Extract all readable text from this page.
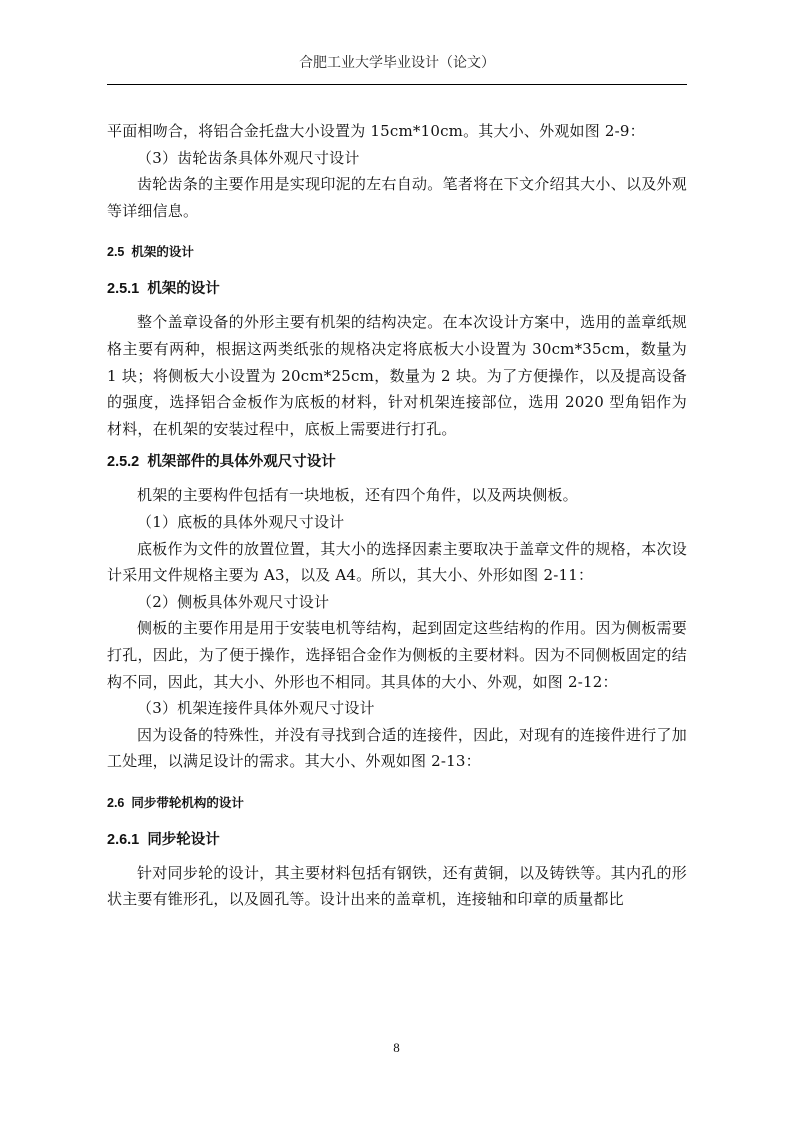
合肥工业大学毕业设计（论文）

平面相吻合，将铝合金托盘大小设置为 15cm*10cm。其大小、外观如图 2-9：

（3）齿轮齿条具体外观尺寸设计

齿轮齿条的主要作用是实现印泥的左右自动。笔者将在下文介绍其大小、以及外观等详细信息。

2.5 机架的设计
2.5.1 机架的设计

整个盖章设备的外形主要有机架的结构决定。在本次设计方案中，选用的盖章纸规格主要有两种，根据这两类纸张的规格决定将底板大小设置为 30cm*35cm，数量为 1 块；将侧板大小设置为 20cm*25cm，数量为 2 块。为了方便操作，以及提高设备的强度，选择铝合金板作为底板的材料，针对机架连接部位，选用 2020 型角铝作为材料，在机架的安装过程中，底板上需要进行打孔。

2.5.2 机架部件的具体外观尺寸设计

机架的主要构件包括有一块地板，还有四个角件，以及两块侧板。

（1）底板的具体外观尺寸设计

底板作为文件的放置位置，其大小的选择因素主要取决于盖章文件的规格，本次设计采用文件规格主要为 A3，以及 A4。所以，其大小、外形如图 2-11：

（2）侧板具体外观尺寸设计

侧板的主要作用是用于安装电机等结构，起到固定这些结构的作用。因为侧板需要打孔，因此，为了便于操作，选择铝合金作为侧板的主要材料。因为不同侧板固定的结构不同，因此，其大小、外形也不相同。其具体的大小、外观，如图 2-12：

（3）机架连接件具体外观尺寸设计

因为设备的特殊性，并没有寻找到合适的连接件，因此，对现有的连接件进行了加工处理，以满足设计的需求。其大小、外观如图 2-13：

2.6 同步带轮机构的设计
2.6.1 同步轮设计

针对同步轮的设计，其主要材料包括有钢铁，还有黄铜，以及铸铁等。其内孔的形状主要有锥形孔，以及圆孔等。设计出来的盖章机，连接轴和印章的质量都比

8
